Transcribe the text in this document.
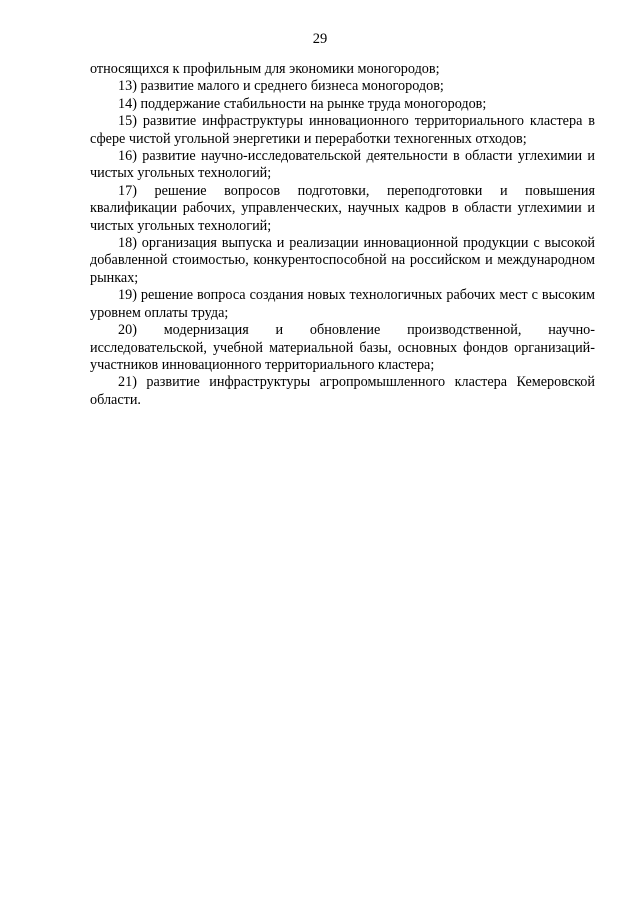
29

относящихся к профильным для экономики моногородов;

13) развитие малого и среднего бизнеса моногородов;

14) поддержание стабильности на рынке труда моногородов;

15) развитие инфраструктуры инновационного территориального кластера в сфере чистой угольной энергетики и переработки техногенных отходов;

16) развитие научно-исследовательской деятельности в области углехимии и чистых угольных технологий;

17) решение вопросов подготовки, переподготовки и повышения квалификации рабочих, управленческих, научных кадров в области углехимии и чистых угольных технологий;

18) организация выпуска и реализации инновационной продукции с высокой добавленной стоимостью, конкурентоспособной на российском и международном рынках;

19) решение вопроса создания новых технологичных рабочих мест с высоким уровнем оплаты труда;

20) модернизация и обновление производственной, научно-исследовательской, учебной материальной базы, основных фондов организаций-участников инновационного территориального кластера;

21) развитие инфраструктуры агропромышленного кластера Кемеровской области.
